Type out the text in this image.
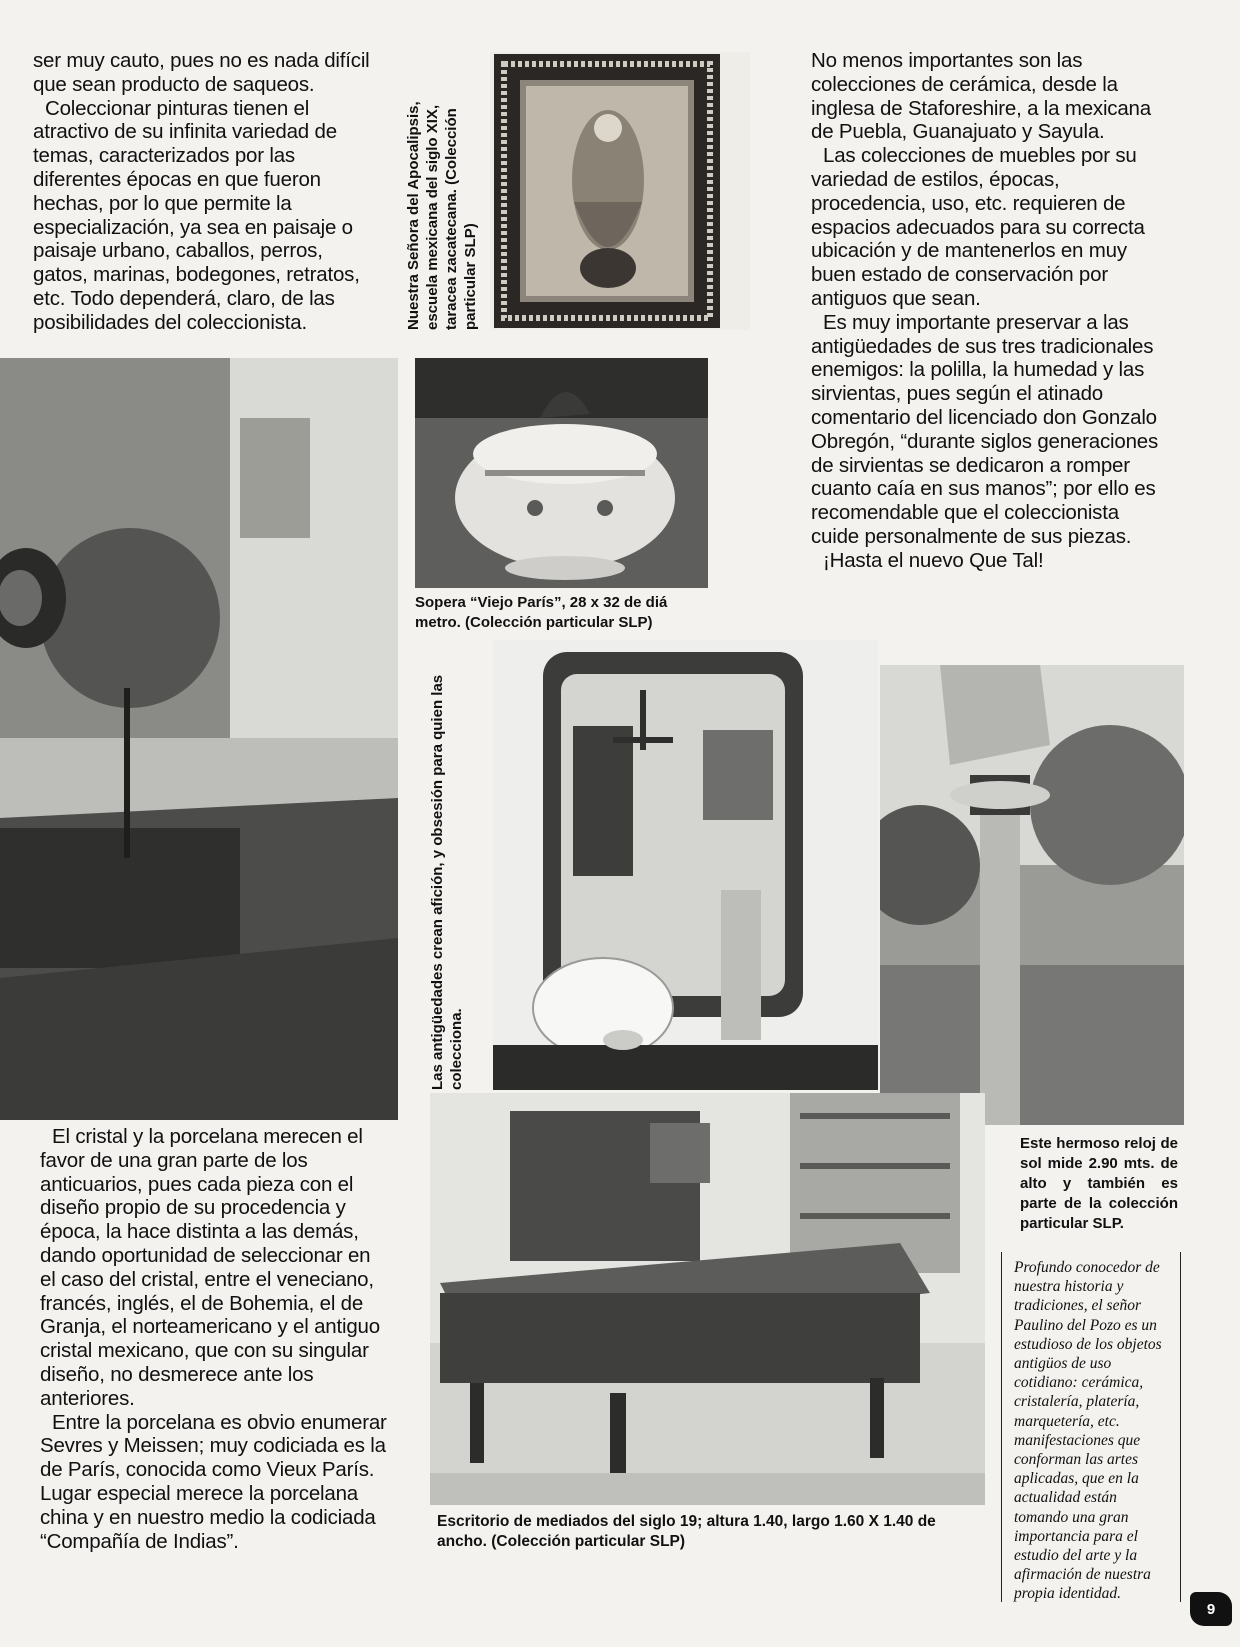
ser muy cauto, pues no es nada difícil que sean producto de saqueos.

Coleccionar pinturas tienen el atractivo de su infinita variedad de temas, caracterizados por las diferentes épocas en que fueron hechas, por lo que permite la especialización, ya sea en paisaje o paisaje urbano, caballos, perros, gatos, marinas, bodegones, retratos, etc. Todo dependerá, claro, de las posibilidades del coleccionista.	Nuestra Señora del Apocalipsis, escuela mexicana del siglo XIX, taracea zacatecana. (Colección particular SLP)

No menos importantes son las colecciones de cerámica, desde la inglesa de Staforeshire, a la mexicana de Puebla, Guanajuato y Sayula.

Las colecciones de muebles por su variedad de estilos, épocas, procedencia, uso, etc. requieren de espacios adecuados para su correcta ubicación y de mantenerlos en muy buen estado de conservación por antiguos que sean.

Es muy importante preservar a las antigüedades de sus tres tradicionales enemigos: la polilla, la humedad y las sirvientas, pues según el atinado comentario del licenciado don Gonzalo Obregón, “durante siglos generaciones de sirvientas se dedicaron a romper cuanto caía en sus manos”; por ello es recomendable que el coleccionista cuide personalmente de sus piezas.

¡Hasta el nuevo Que Tal!

Sopera “Viejo París”, 28 x 32 de diá metro. (Colección particular SLP)
Las antigüedades crean afición, y obsesión para quien las colecciona.
Este hermoso reloj de sol mide 2.90 mts. de alto y también es parte de la colección particular SLP.
Escritorio de mediados del siglo 19; altura 1.40, largo 1.60 X 1.40 de ancho. (Colección particular SLP)

El cristal y la porcelana merecen el favor de una gran parte de los anticuarios, pues cada pieza con el diseño propio de su procedencia y época, la hace distinta a las demás, dando oportunidad de seleccionar en el caso del cristal, entre el veneciano, francés, inglés, el de Bohemia, el de Granja, el norteamericano y el antiguo cristal mexicano, que con su singular diseño, no desmerece ante los anteriores.

Entre la porcelana es obvio enumerar Sevres y Meissen; muy codiciada es la de París, conocida como Vieux París. Lugar especial merece la porcelana china y en nuestro medio la codiciada “Compañía de Indias”.

Profundo conocedor de nuestra historia y tradiciones, el señor Paulino del Pozo es un estudioso de los objetos antigüos de uso cotidiano: cerámica, cristalería, platería, marquetería, etc. manifestaciones que conforman las artes aplicadas, que en la actualidad están tomando una gran importancia para el estudio del arte y la afirmación de nuestra propia identidad.
9
